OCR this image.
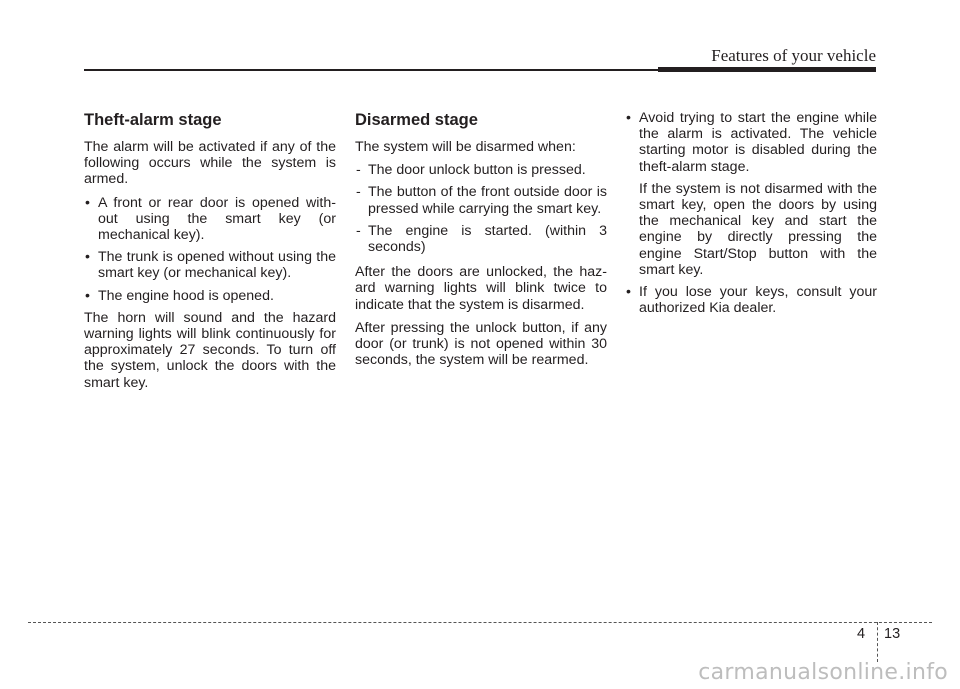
Features of your vehicle
Theft-alarm stage

The alarm will be activated if any of the following occurs while the system is armed.

• A front or rear door is opened with-out using the smart key (or mechanical key).
• The trunk is opened without using the smart key (or mechanical key).
• The engine hood is opened.

The horn will sound and the hazard warning lights will blink continuously for approximately 27 seconds. To turn off the system, unlock the doors with the smart key.

Disarmed stage

The system will be disarmed when:

- The door unlock button is pressed.
- The button of the front outside door is pressed while carrying the smart key.
- The engine is started. (within 3 seconds)

After the doors are unlocked, the haz-ard warning lights will blink twice to indicate that the system is disarmed.

After pressing the unlock button, if any door (or trunk) is not opened within 30 seconds, the system will be rearmed.

• Avoid trying to start the engine while the alarm is activated. The vehicle starting motor is disabled during the theft-alarm stage.

If the system is not disarmed with the smart key, open the doors by using the mechanical key and start the engine by directly pressing the engine Start/Stop button with the smart key.

• If you lose your keys, consult your authorized Kia dealer.
4 13
carmanualsonline.info
